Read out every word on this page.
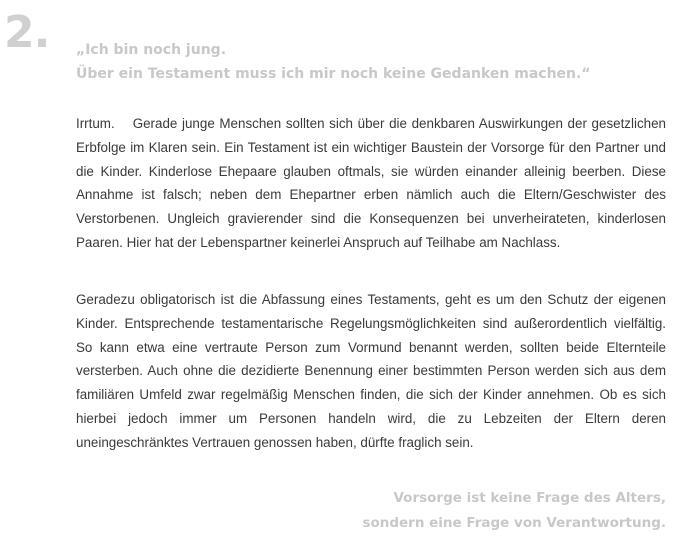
2. „Ich bin noch jung.
Über ein Testament muss ich mir noch keine Gedanken machen.“

Irrtum. Gerade junge Menschen sollten sich über die denkbaren Auswirkungen der gesetzlichen Erbfolge im Klaren sein. Ein Testament ist ein wichtiger Baustein der Vorsorge für den Partner und die Kinder. Kinderlose Ehepaare glauben oftmals, sie würden einander alleinig beerben. Diese Annahme ist falsch; neben dem Ehepartner erben nämlich auch die Eltern/Geschwister des Verstorbenen. Ungleich gravierender sind die Konsequenzen bei unverheirateten, kinderlosen Paaren. Hier hat der Lebenspartner keinerlei Anspruch auf Teilhabe am Nachlass.

Geradezu obligatorisch ist die Abfassung eines Testaments, geht es um den Schutz der eigenen Kinder. Entsprechende testamentarische Regelungsmöglichkeiten sind außerordentlich vielfältig. So kann etwa eine vertraute Person zum Vormund benannt werden, sollten beide Elternteile versterben. Auch ohne die dezidierte Benennung einer bestimmten Person werden sich aus dem familiären Umfeld zwar regelmäßig Menschen finden, die sich der Kinder annehmen. Ob es sich hierbei jedoch immer um Personen handeln wird, die zu Lebzeiten der Eltern deren uneingeschränktes Vertrauen genossen haben, dürfte fraglich sein.

Vorsorge ist keine Frage des Alters,
sondern eine Frage von Verantwortung.
